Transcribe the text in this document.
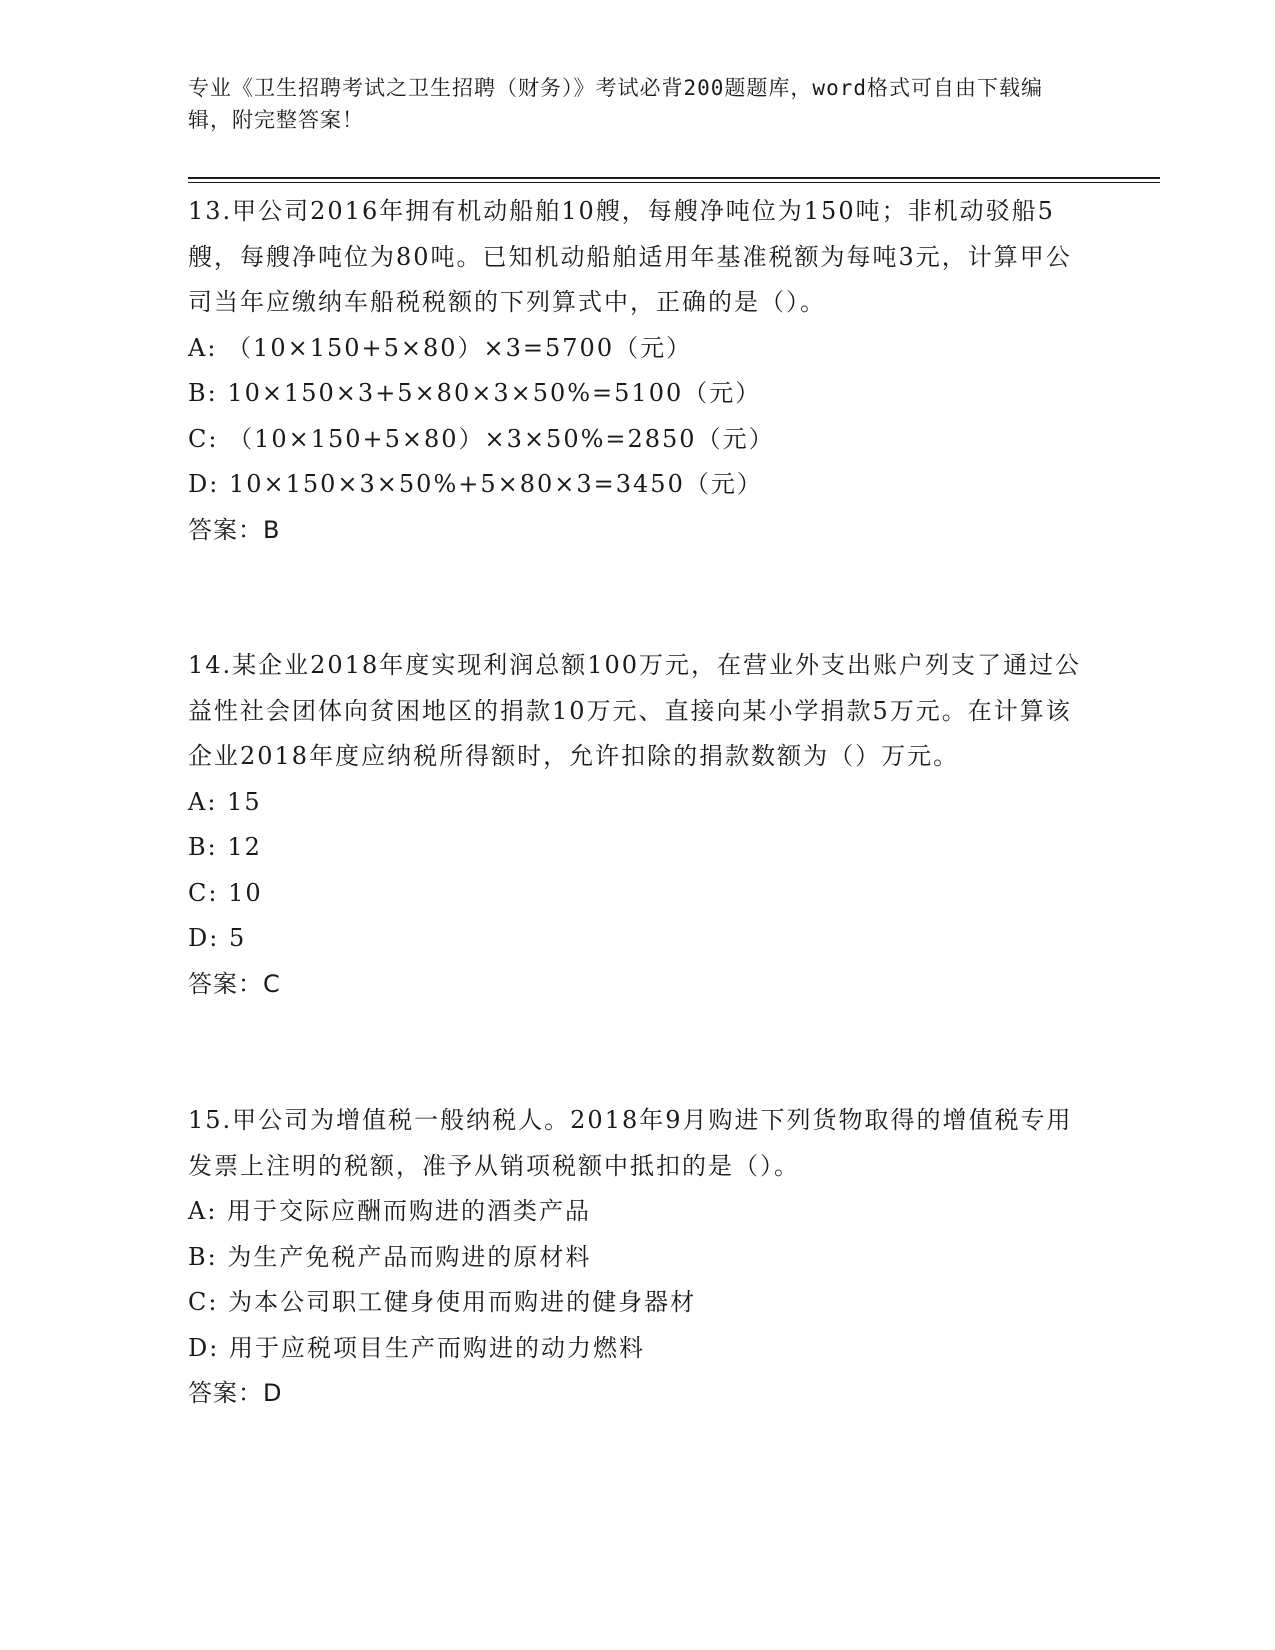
专业《卫生招聘考试之卫生招聘（财务）》考试必背200题题库，word格式可自由下载编辑，附完整答案！

13.甲公司2016年拥有机动船舶10艘，每艘净吨位为150吨；非机动驳船5艘，每艘净吨位为80吨。已知机动船舶适用年基准税额为每吨3元，计算甲公司当年应缴纳车船税税额的下列算式中，正确的是（）。

A: （10×150+5×80）×3=5700（元）

B: 10×150×3+5×80×3×50%=5100（元）

C: （10×150+5×80）×3×50%=2850（元）

D: 10×150×3×50%+5×80×3=3450（元）

答案：B

14.某企业2018年度实现利润总额100万元，在营业外支出账户列支了通过公益性社会团体向贫困地区的捐款10万元、直接向某小学捐款5万元。在计算该企业2018年度应纳税所得额时，允许扣除的捐款数额为（）万元。

A: 15

B: 12

C: 10

D: 5

答案：C

15.甲公司为增值税一般纳税人。2018年9月购进下列货物取得的增值税专用发票上注明的税额，准予从销项税额中抵扣的是（）。

A: 用于交际应酬而购进的酒类产品

B: 为生产免税产品而购进的原材料

C: 为本公司职工健身使用而购进的健身器材

D: 用于应税项目生产而购进的动力燃料

答案：D
